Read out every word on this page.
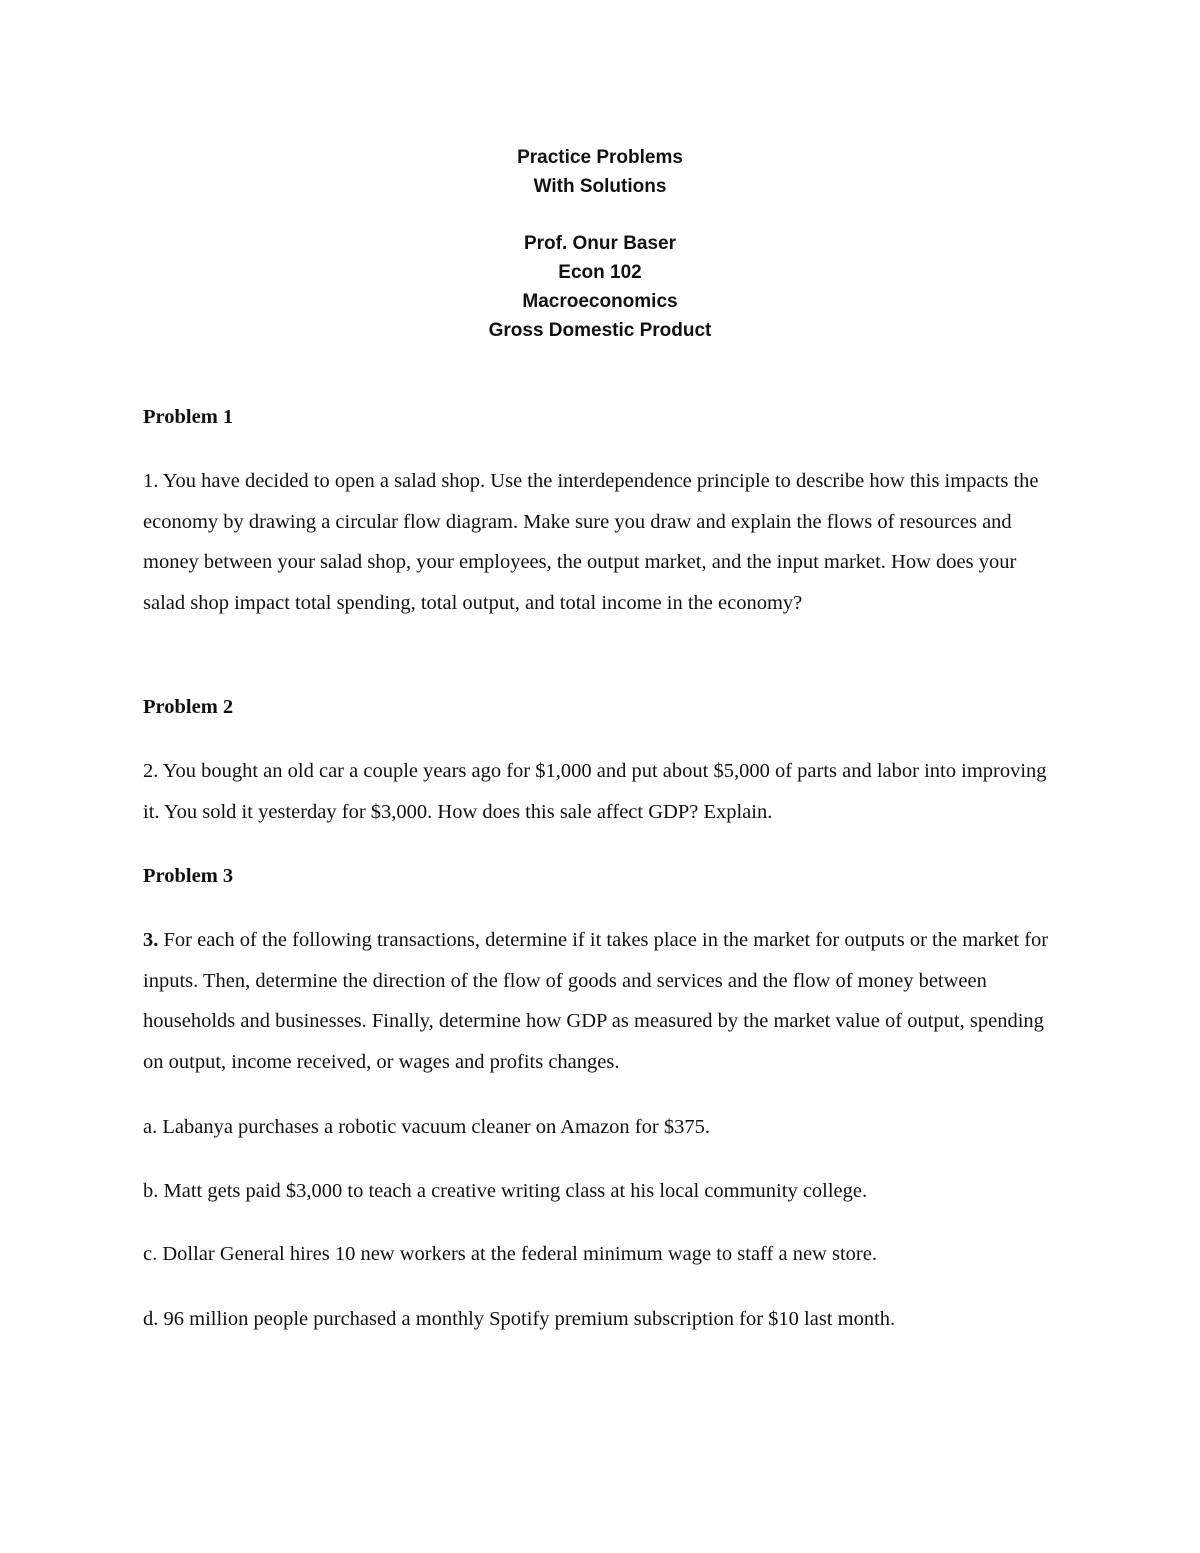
Practice Problems
With Solutions
Prof. Onur Baser
Econ 102
Macroeconomics
Gross Domestic Product
Problem 1
1. You have decided to open a salad shop. Use the interdependence principle to describe how this impacts the economy by drawing a circular flow diagram. Make sure you draw and explain the flows of resources and money between your salad shop, your employees, the output market, and the input market. How does your salad shop impact total spending, total output, and total income in the economy?
Problem 2
2. You bought an old car a couple years ago for $1,000 and put about $5,000 of parts and labor into improving it. You sold it yesterday for $3,000. How does this sale affect GDP? Explain.
Problem 3
3. For each of the following transactions, determine if it takes place in the market for outputs or the market for inputs. Then, determine the direction of the flow of goods and services and the flow of money between households and businesses. Finally, determine how GDP as measured by the market value of output, spending on output, income received, or wages and profits changes.
a. Labanya purchases a robotic vacuum cleaner on Amazon for $375.
b. Matt gets paid $3,000 to teach a creative writing class at his local community college.
c. Dollar General hires 10 new workers at the federal minimum wage to staff a new store.
d. 96 million people purchased a monthly Spotify premium subscription for $10 last month.
